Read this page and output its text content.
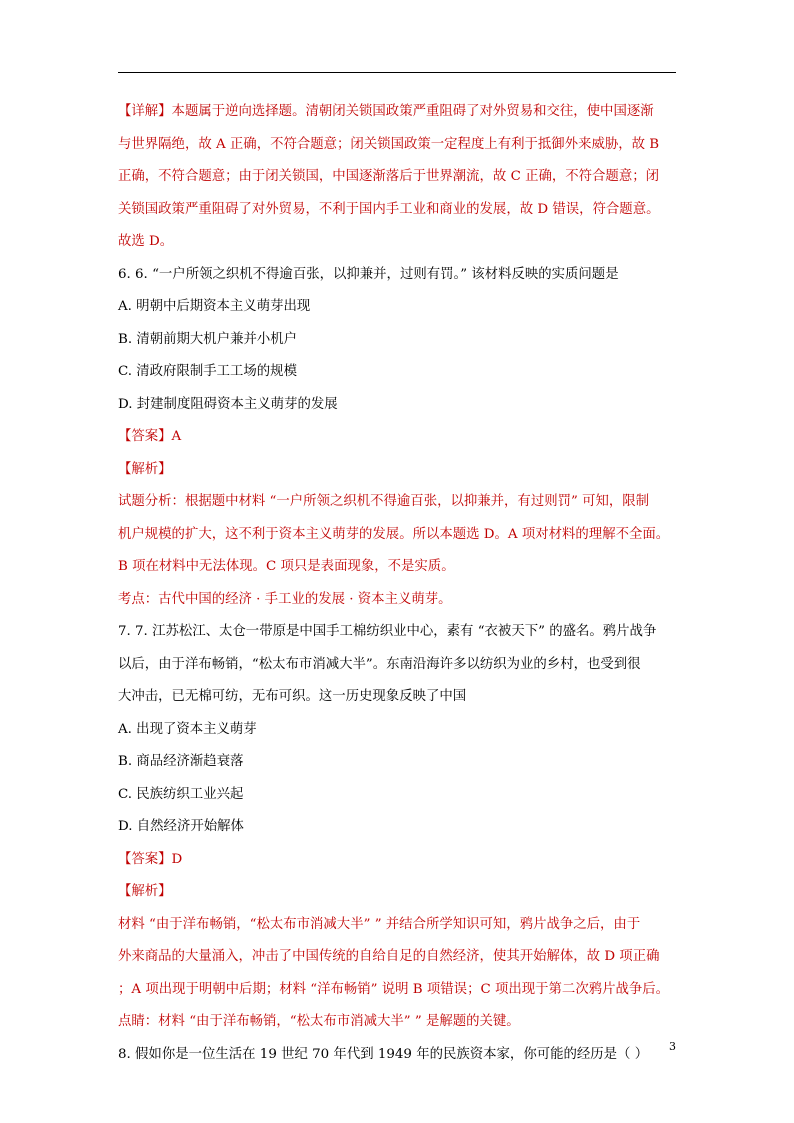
【详解】本题属于逆向选择题。清朝闭关锁国政策严重阻碍了对外贸易和交往，使中国逐渐

与世界隔绝，故 A 正确，不符合题意；闭关锁国政策一定程度上有利于抵御外来威胁，故 B

正确，不符合题意；由于闭关锁国，中国逐渐落后于世界潮流，故 C 正确，不符合题意；闭

关锁国政策严重阻碍了对外贸易，不利于国内手工业和商业的发展，故 D 错误，符合题意。

故选 D。

6. 6. “一户所领之织机不得逾百张，以抑兼并，过则有罚。” 该材料反映的实质问题是

A. 明朝中后期资本主义萌芽出现

B. 清朝前期大机户兼并小机户

C. 清政府限制手工工场的规模

D. 封建制度阻碍资本主义萌芽的发展

【答案】A

【解析】

试题分析：根据题中材料 “一户所领之织机不得逾百张，以抑兼并，有过则罚” 可知，限制

机户规模的扩大，这不利于资本主义萌芽的发展。所以本题选 D。A 项对材料的理解不全面。

B 项在材料中无法体现。C 项只是表面现象，不是实质。

考点：古代中国的经济 · 手工业的发展 · 资本主义萌芽。

7. 7. 江苏松江、太仓一带原是中国手工棉纺织业中心，素有 “衣被天下” 的盛名。鸦片战争

以后，由于洋布畅销，“松太布市消减大半”。东南沿海许多以纺织为业的乡村，也受到很

大冲击，已无棉可纺，无布可织。这一历史现象反映了中国

A. 出现了资本主义萌芽

B. 商品经济渐趋衰落

C. 民族纺织工业兴起

D. 自然经济开始解体

【答案】D

【解析】

材料 “由于洋布畅销，“松太布市消减大半” ” 并结合所学知识可知，鸦片战争之后，由于

外来商品的大量涌入，冲击了中国传统的自给自足的自然经济，使其开始解体，故 D 项正确

；A 项出现于明朝中后期；材料 “洋布畅销” 说明 B 项错误；C 项出现于第二次鸦片战争后。

点睛：材料 “由于洋布畅销，“松太布市消减大半” ” 是解题的关键。

8. 假如你是一位生活在 19 世纪 70 年代到 1949 年的民族资本家，你可能的经历是（ ）	3
